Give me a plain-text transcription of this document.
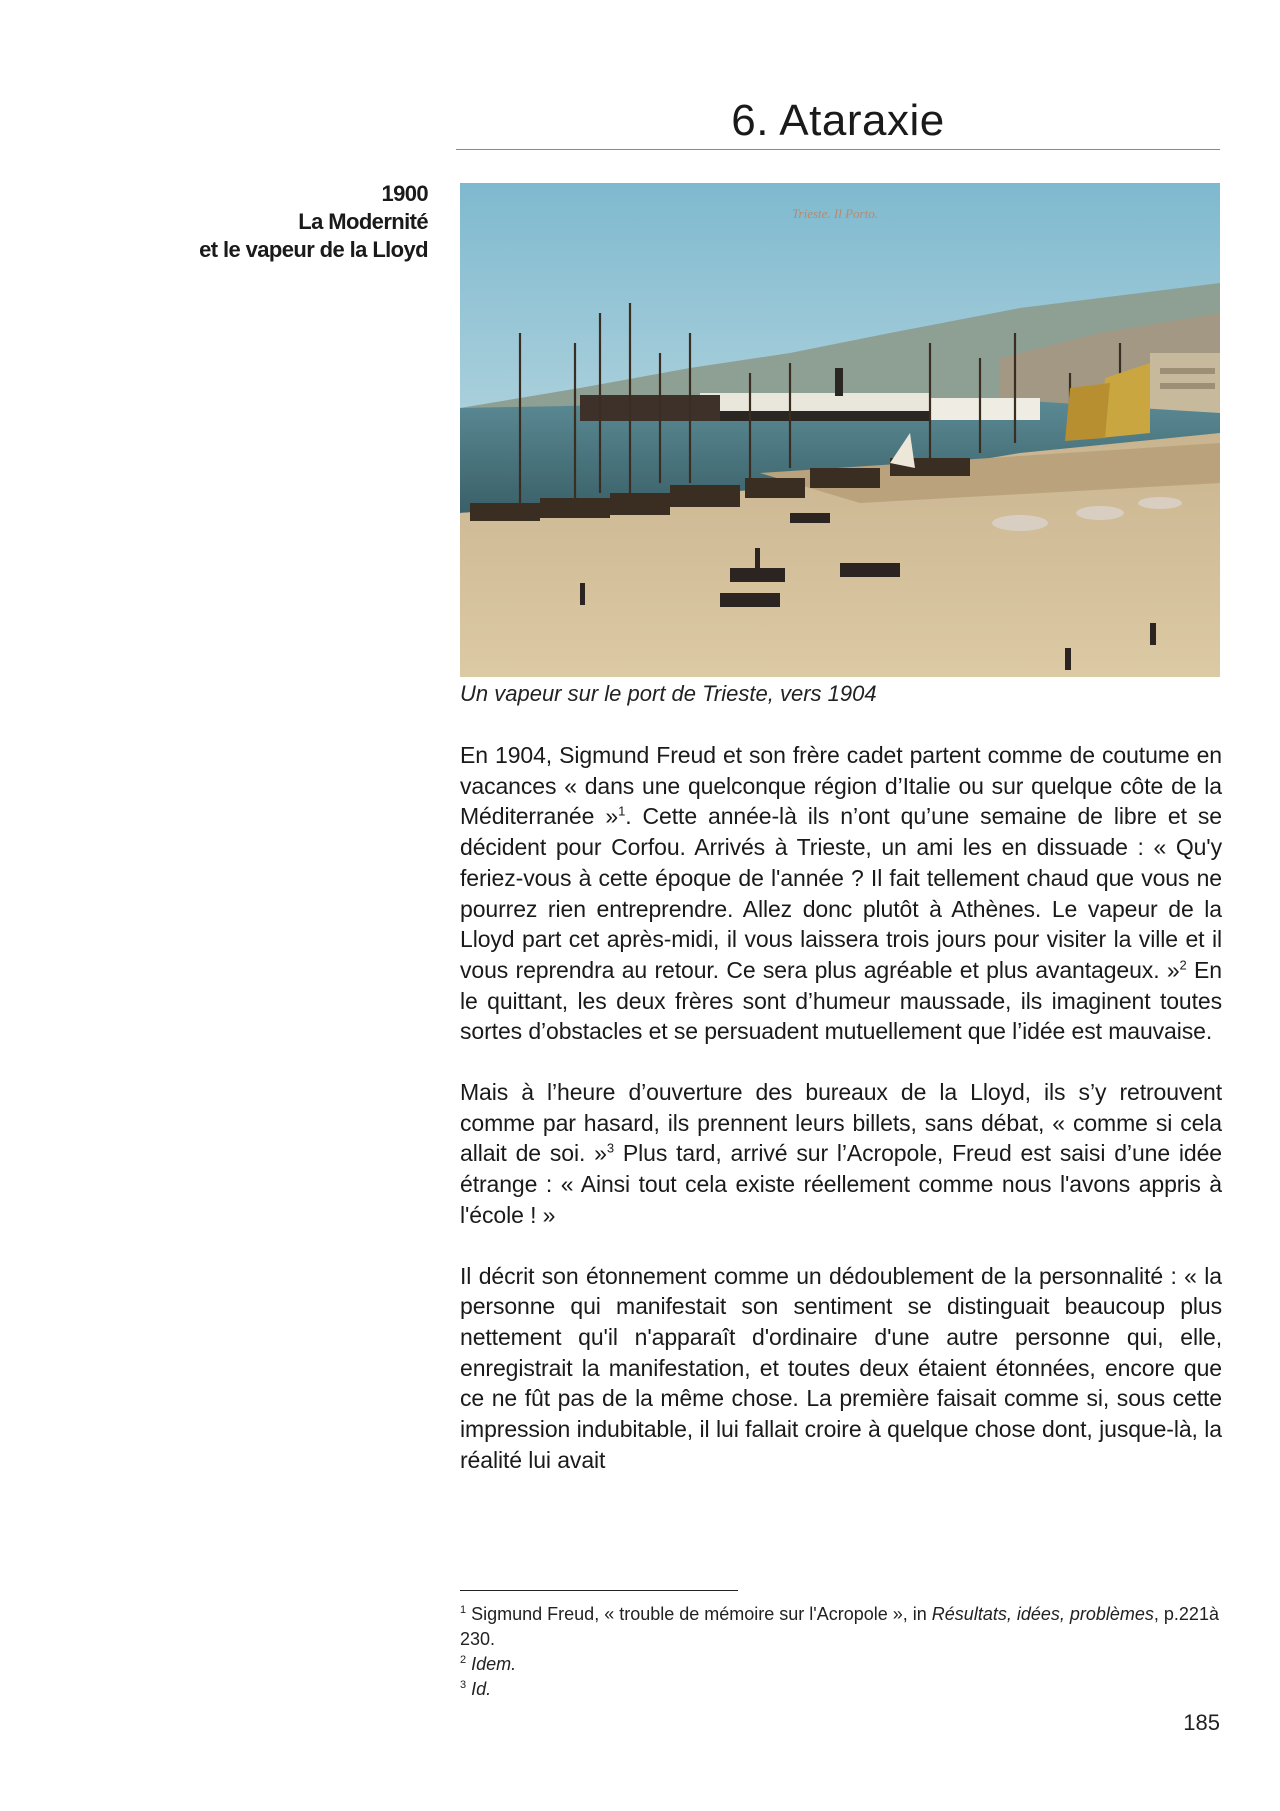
6. Ataraxie
1900
La Modernité
et le vapeur de la Lloyd
Trieste. Il Porto.
Un vapeur sur le port de Trieste, vers 1904

En 1904, Sigmund Freud et son frère cadet partent comme de coutume en vacances « dans une quelconque région d’Italie ou sur quelque côte de la Méditerranée »$^1$. Cette année-là ils n’ont qu’une semaine de libre et se décident pour Corfou. Arrivés à Trieste, un ami les en dissuade : « Qu'y feriez-vous à cette époque de l'année ? Il fait tellement chaud que vous ne pourrez rien entreprendre. Allez donc plutôt à Athènes. Le vapeur de la Lloyd part cet après-midi, il vous laissera trois jours pour visiter la ville et il vous reprendra au retour. Ce sera plus agréable et plus avantageux. »$^2$ En le quittant, les deux frères sont d’humeur maussade, ils imaginent toutes sortes d’obstacles et se persuadent mutuellement que l’idée est mauvaise.

Mais à l’heure d’ouverture des bureaux de la Lloyd, ils s’y retrouvent comme par hasard, ils prennent leurs billets, sans débat, « comme si cela allait de soi. »$^3$ Plus tard, arrivé sur l’Acropole, Freud est saisi d’une idée étrange : « Ainsi tout cela existe réellement comme nous l'avons appris à l'école ! »

Il décrit son étonnement comme un dédoublement de la personnalité : « la personne qui manifestait son sentiment se distinguait beaucoup plus nettement qu'il n'apparaît d'ordinaire d'une autre personne qui, elle, enregistrait la manifestation, et toutes deux étaient étonnées, encore que ce ne fût pas de la même chose. La première faisait comme si, sous cette impression indubitable, il lui fallait croire à quelque chose dont, jusque-là, la réalité lui avait

$^1$ Sigmund Freud, « trouble de mémoire sur l'Acropole », in Résultats, idées, problèmes, p.221à 230.
$^2$ Idem.
$^3$ Id.
185
